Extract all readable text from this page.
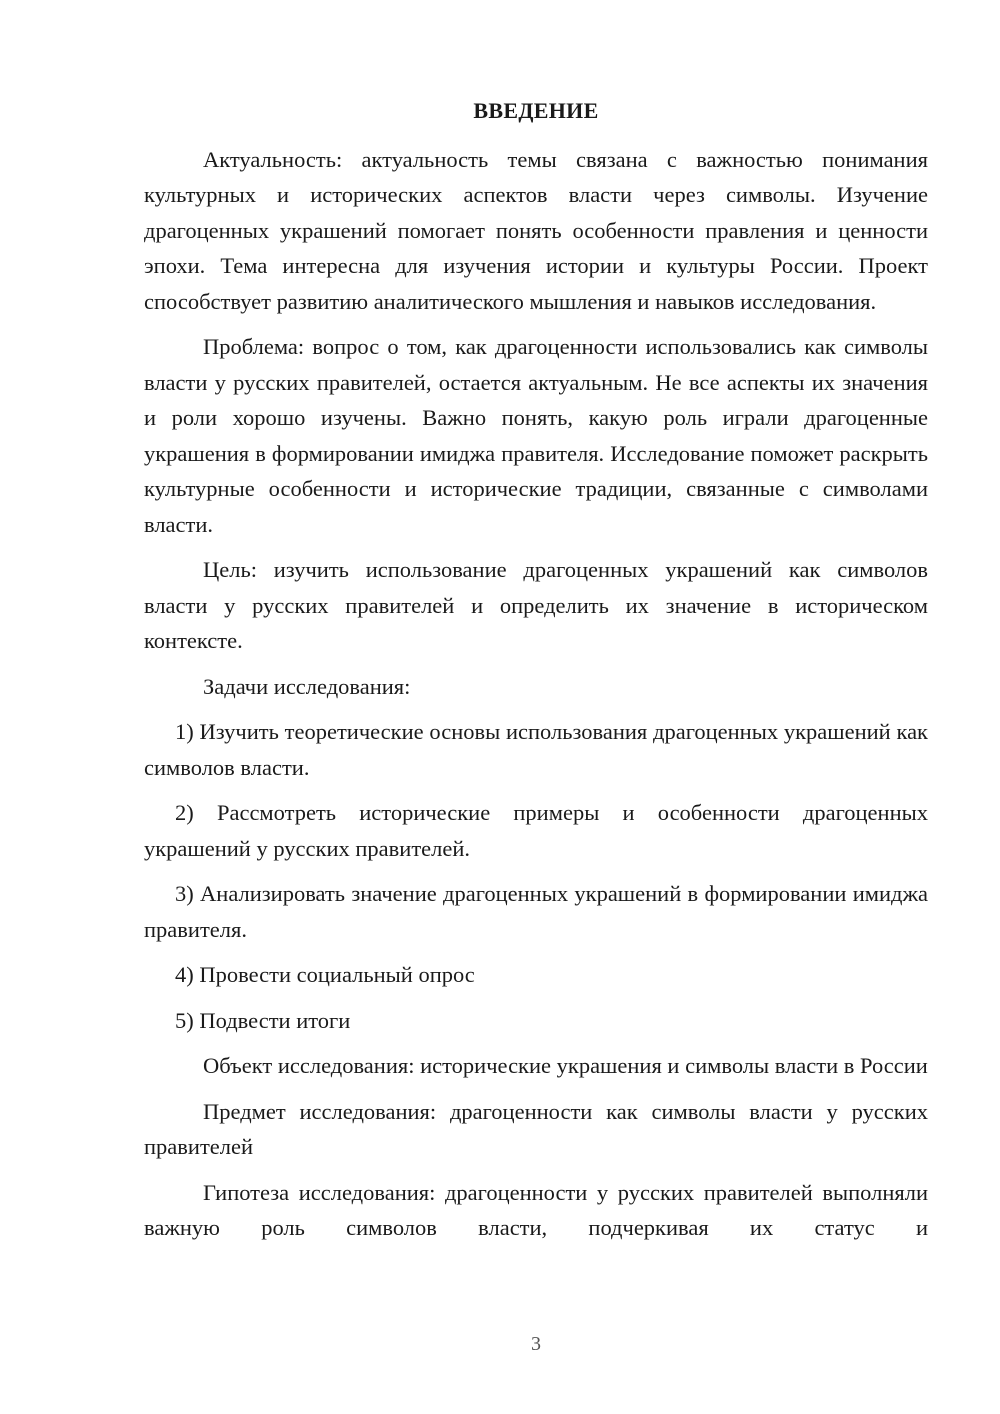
ВВЕДЕНИЕ

Актуальность: актуальность темы связана с важностью понимания культурных и исторических аспектов власти через символы. Изучение драгоценных украшений помогает понять особенности правления и ценности эпохи. Тема интересна для изучения истории и культуры России. Проект способствует развитию аналитического мышления и навыков исследования.

Проблема: вопрос о том, как драгоценности использовались как символы власти у русских правителей, остается актуальным. Не все аспекты их значения и роли хорошо изучены. Важно понять, какую роль играли драгоценные украшения в формировании имиджа правителя. Исследование поможет раскрыть культурные особенности и исторические традиции, связанные с символами власти.

Цель: изучить использование драгоценных украшений как символов власти у русских правителей и определить их значение в историческом контексте.

Задачи исследования:

1) Изучить теоретические основы использования драгоценных украшений как символов власти.

2) Рассмотреть исторические примеры и особенности драгоценных украшений у русских правителей.

3) Анализировать значение драгоценных украшений в формировании имиджа правителя.

4) Провести социальный опрос

5) Подвести итоги

Объект исследования: исторические украшения и символы власти в России

Предмет исследования: драгоценности как символы власти у русских правителей

Гипотеза исследования: драгоценности у русских правителей выполняли важную роль символов власти, подчеркивая их статус и

3
